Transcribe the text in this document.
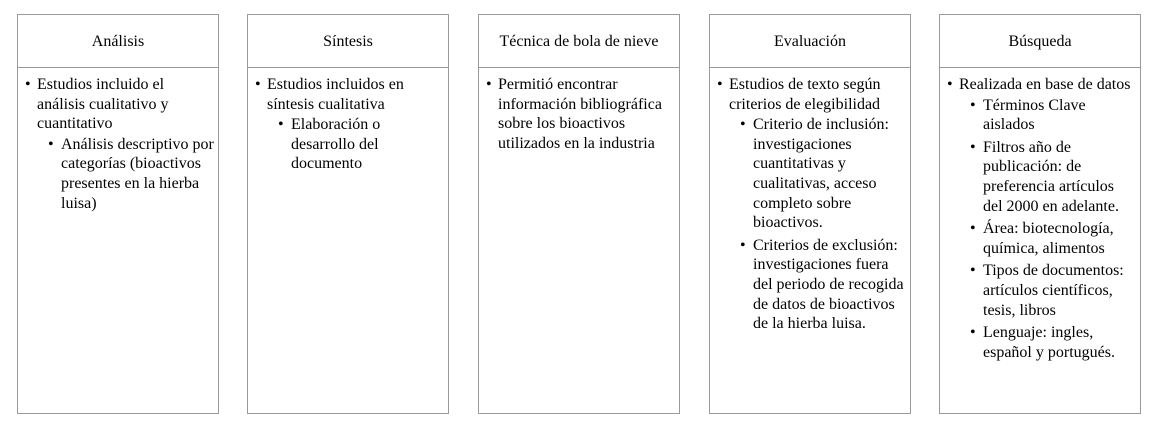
Análisis
• Estudios incluido el análisis cualitativo y cuantitativo
• Análisis descriptivo por categorías (bioactivos presentes en la hierba luisa)
Síntesis
• Estudios incluidos en síntesis cualitativa
• Elaboración o desarrollo del documento
Técnica de bola de nieve
• Permitió encontrar información bibliográfica sobre los bioactivos utilizados en la industria
Evaluación
• Estudios de texto según criterios de elegibilidad
• Criterio de inclusión: investigaciones cuantitativas y cualitativas, acceso completo sobre bioactivos.
• Criterios de exclusión: investigaciones fuera del periodo de recogida de datos de bioactivos de la hierba luisa.
Búsqueda
• Realizada en base de datos
• Términos Clave aislados
• Filtros año de publicación: de preferencia artículos del 2000 en adelante.
• Área: biotecnología, química, alimentos
• Tipos de documentos: artículos científicos, tesis, libros
• Lenguaje: ingles, español y portugués.
